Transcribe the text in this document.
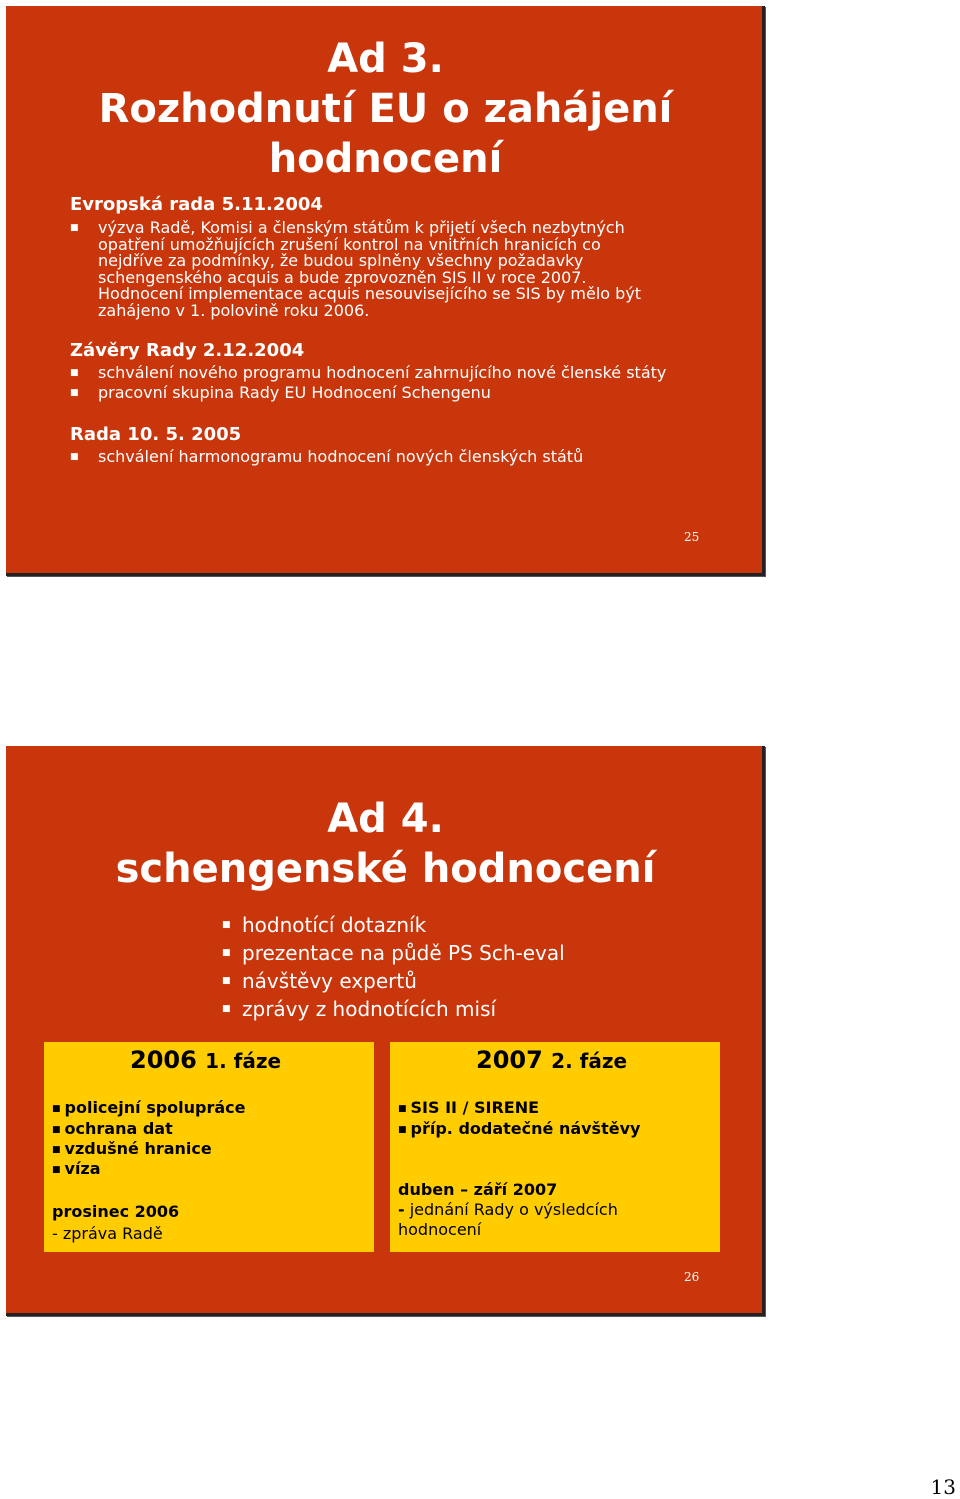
Ad 3.
Rozhodnutí EU o zahájení
hodnocení
Evropská rada 5.11.2004
■ výzva Radě, Komisi a členským státům k přijetí všech nezbytných
opatření umožňujících zrušení kontrol na vnitřních hranicích co
nejdříve za podmínky, že budou splněny všechny požadavky
schengenského acquis a bude zprovozněn SIS II v roce 2007.
Hodnocení implementace acquis nesouvisejícího se SIS by mělo být
zahájeno v 1. polovině roku 2006.
Závěry Rady 2.12.2004
■ schválení nového programu hodnocení zahrnujícího nové členské státy
■ pracovní skupina Rady EU Hodnocení Schengenu
Rada 10. 5. 2005
■ schválení harmonogramu hodnocení nových členských států
25
Ad 4.
schengenské hodnocení
■ hodnotící dotazník
■ prezentace na půdě PS Sch-eval
■ návštěvy expertů
■ zprávy z hodnotících misí
2006 1. fáze
■ policejní spolupráce
■ ochrana dat
■ vzdušné hranice
■ víza
prosinec 2006
- zpráva Radě
2007 2. fáze
■ SIS II / SIRENE
■ příp. dodatečné návštěvy
duben – září 2007
- jednání Rady o výsledcích
hodnocení
26
13
